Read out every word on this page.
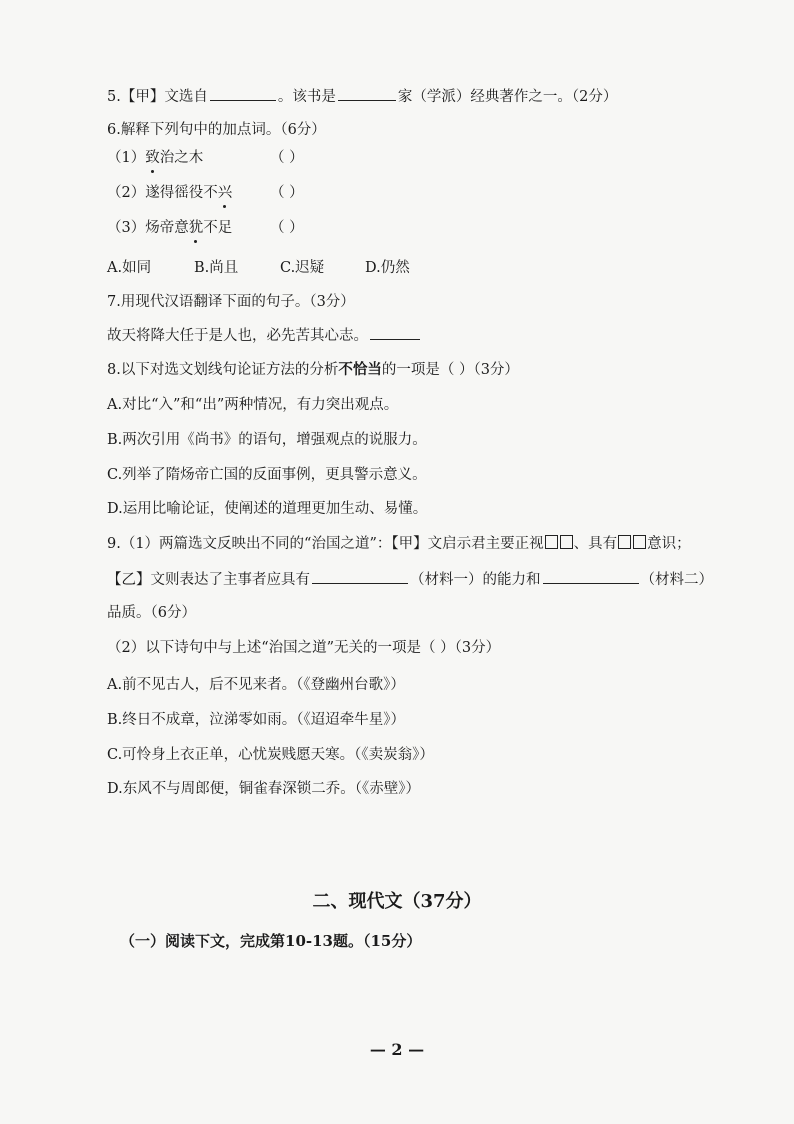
5.【甲】文选自	。该书是	家（学派）经典著作之一。（2分）
6.解释下列句中的加点词。（6分）
（1）致治之木	（ ）
（2）遂得徭役不兴	（ ）
（3）炀帝意犹不足	（ ）
A.如同	B.尚且	C.迟疑	D.仍然
7.用现代汉语翻译下面的句子。（3分）
故天将降大任于是人也，必先苦其心志。
8.以下对选文划线句论证方法的分析不恰当的一项是（ ）（3分）
A.对比“入”和“出”两种情况，有力突出观点。
B.两次引用《尚书》的语句，增强观点的说服力。
C.列举了隋炀帝亡国的反面事例，更具警示意义。
D.运用比喻论证，使阐述的道理更加生动、易懂。
9.（1）两篇选文反映出不同的“治国之道”：【甲】文启示君主要正视 、具有 意识；
【乙】文则表达了主事者应具有	（材料一）的能力和	（材料二）
品质。（6分）
（2）以下诗句中与上述“治国之道”无关的一项是（ ）（3分）
A.前不见古人，后不见来者。（《登幽州台歌》）
B.终日不成章，泣涕零如雨。（《迢迢牵牛星》）
C.可怜身上衣正单，心忧炭贱愿天寒。（《卖炭翁》）
D.东风不与周郎便，铜雀春深锁二乔。（《赤壁》）
二、现代文（37分）
（一）阅读下文，完成第10-13题。（15分）
— 2 —
